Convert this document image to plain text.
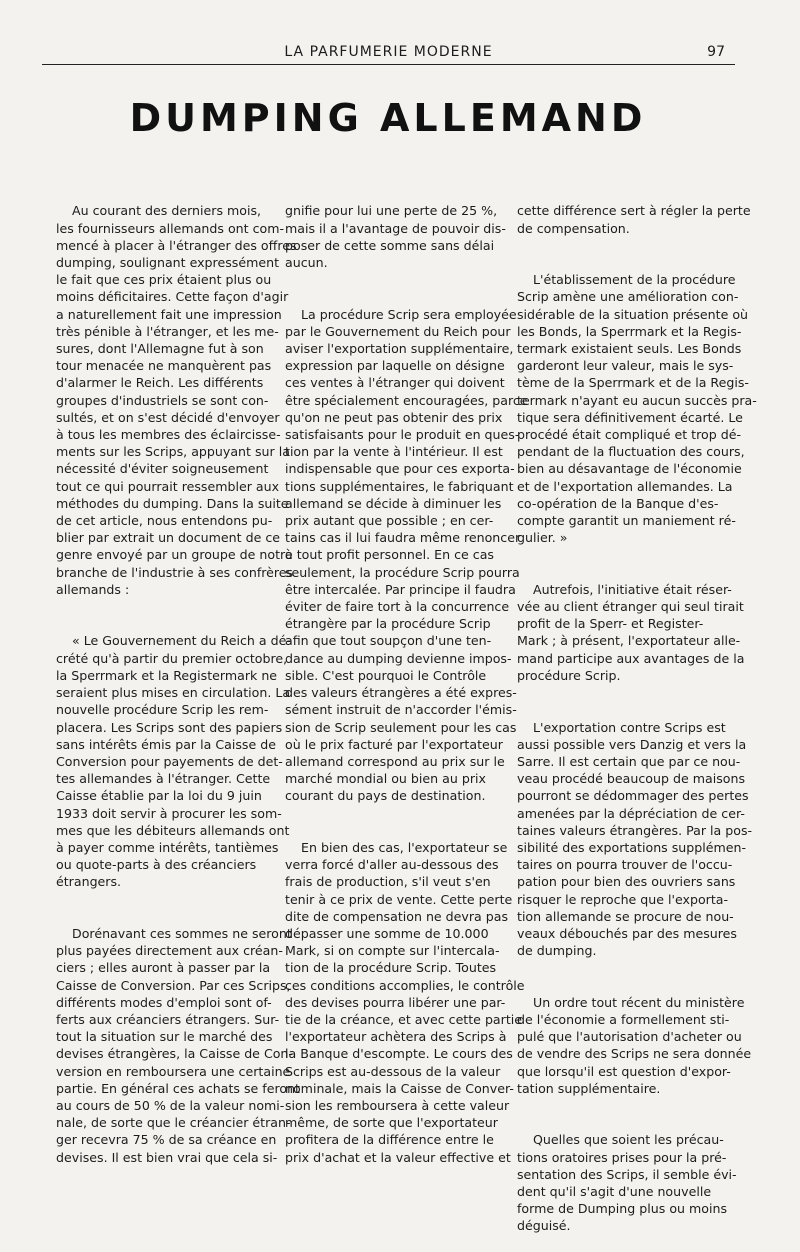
LA PARFUMERIE MODERNE	97
DUMPING ALLEMAND

Au courant des derniers mois,
les fournisseurs allemands ont com-
mencé à placer à l'étranger des offres
dumping, soulignant expressément
le fait que ces prix étaient plus ou
moins déficitaires. Cette façon d'agir
a naturellement fait une impression
très pénible à l'étranger, et les me-
sures, dont l'Allemagne fut à son
tour menacée ne manquèrent pas
d'alarmer le Reich. Les différents
groupes d'industriels se sont con-
sultés, et on s'est décidé d'envoyer
à tous les membres des éclaircisse-
ments sur les Scrips, appuyant sur la
nécessité d'éviter soigneusement
tout ce qui pourrait ressembler aux
méthodes du dumping. Dans la suite
de cet article, nous entendons pu-
blier par extrait un document de ce
genre envoyé par un groupe de notre
branche de l'industrie à ses confrères
allemands :

« Le Gouvernement du Reich a dé-
crété qu'à partir du premier octobre,
la Sperrmark et la Registermark ne
seraient plus mises en circulation. La
nouvelle procédure Scrip les rem-
placera. Les Scrips sont des papiers
sans intérêts émis par la Caisse de
Conversion pour payements de det-
tes allemandes à l'étranger. Cette
Caisse établie par la loi du 9 juin
1933 doit servir à procurer les som-
mes que les débiteurs allemands ont
à payer comme intérêts, tantièmes
ou quote-parts à des créanciers
étrangers.

Dorénavant ces sommes ne seront
plus payées directement aux créan-
ciers ; elles auront à passer par la
Caisse de Conversion. Par ces Scrips,
différents modes d'emploi sont of-
ferts aux créanciers étrangers. Sur-
tout la situation sur le marché des
devises étrangères, la Caisse de Con-
version en remboursera une certaine
partie. En général ces achats se feront
au cours de 50 % de la valeur nomi-
nale, de sorte que le créancier étran-
ger recevra 75 % de sa créance en
devises. Il est bien vrai que cela si-

gnifie pour lui une perte de 25 %,
mais il a l'avantage de pouvoir dis-
poser de cette somme sans délai
aucun.

La procédure Scrip sera employée
par le Gouvernement du Reich pour
aviser l'exportation supplémentaire,
expression par laquelle on désigne
ces ventes à l'étranger qui doivent
être spécialement encouragées, parce
qu'on ne peut pas obtenir des prix
satisfaisants pour le produit en ques-
tion par la vente à l'intérieur. Il est
indispensable que pour ces exporta-
tions supplémentaires, le fabriquant
allemand se décide à diminuer les
prix autant que possible ; en cer-
tains cas il lui faudra même renoncer
à tout profit personnel. En ce cas
seulement, la procédure Scrip pourra
être intercalée. Par principe il faudra
éviter de faire tort à la concurrence
étrangère par la procédure Scrip
afin que tout soupçon d'une ten-
dance au dumping devienne impos-
sible. C'est pourquoi le Contrôle
des valeurs étrangères a été expres-
sément instruit de n'accorder l'émis-
sion de Scrip seulement pour les cas
où le prix facturé par l'exportateur
allemand correspond au prix sur le
marché mondial ou bien au prix
courant du pays de destination.

En bien des cas, l'exportateur se
verra forcé d'aller au-dessous des
frais de production, s'il veut s'en
tenir à ce prix de vente. Cette perte
dite de compensation ne devra pas
dépasser une somme de 10.000
Mark, si on compte sur l'intercala-
tion de la procédure Scrip. Toutes
ces conditions accomplies, le contrôle
des devises pourra libérer une par-
tie de la créance, et avec cette partie
l'exportateur achètera des Scrips à
la Banque d'escompte. Le cours des
Scrips est au-dessous de la valeur
nominale, mais la Caisse de Conver-
sion les remboursera à cette valeur
même, de sorte que l'exportateur
profitera de la différence entre le
prix d'achat et la valeur effective et

cette différence sert à régler la perte
de compensation.

L'établissement de la procédure
Scrip amène une amélioration con-
sidérable de la situation présente où
les Bonds, la Sperrmark et la Regis-
termark existaient seuls. Les Bonds
garderont leur valeur, mais le sys-
tème de la Sperrmark et de la Regis-
termark n'ayant eu aucun succès pra-
tique sera définitivement écarté. Le
procédé était compliqué et trop dé-
pendant de la fluctuation des cours,
bien au désavantage de l'économie
et de l'exportation allemandes. La
co-opération de la Banque d'es-
compte garantit un maniement ré-
gulier. »

Autrefois, l'initiative était réser-
vée au client étranger qui seul tirait
profit de la Sperr- et Register-
Mark ; à présent, l'exportateur alle-
mand participe aux avantages de la
procédure Scrip.

L'exportation contre Scrips est
aussi possible vers Danzig et vers la
Sarre. Il est certain que par ce nou-
veau procédé beaucoup de maisons
pourront se dédommager des pertes
amenées par la dépréciation de cer-
taines valeurs étrangères. Par la pos-
sibilité des exportations supplémen-
taires on pourra trouver de l'occu-
pation pour bien des ouvriers sans
risquer le reproche que l'exporta-
tion allemande se procure de nou-
veaux débouchés par des mesures
de dumping.

Un ordre tout récent du ministère
de l'économie a formellement sti-
pulé que l'autorisation d'acheter ou
de vendre des Scrips ne sera donnée
que lorsqu'il est question d'expor-
tation supplémentaire.

Quelles que soient les précau-
tions oratoires prises pour la pré-
sentation des Scrips, il semble évi-
dent qu'il s'agit d'une nouvelle
forme de Dumping plus ou moins
déguisé.
